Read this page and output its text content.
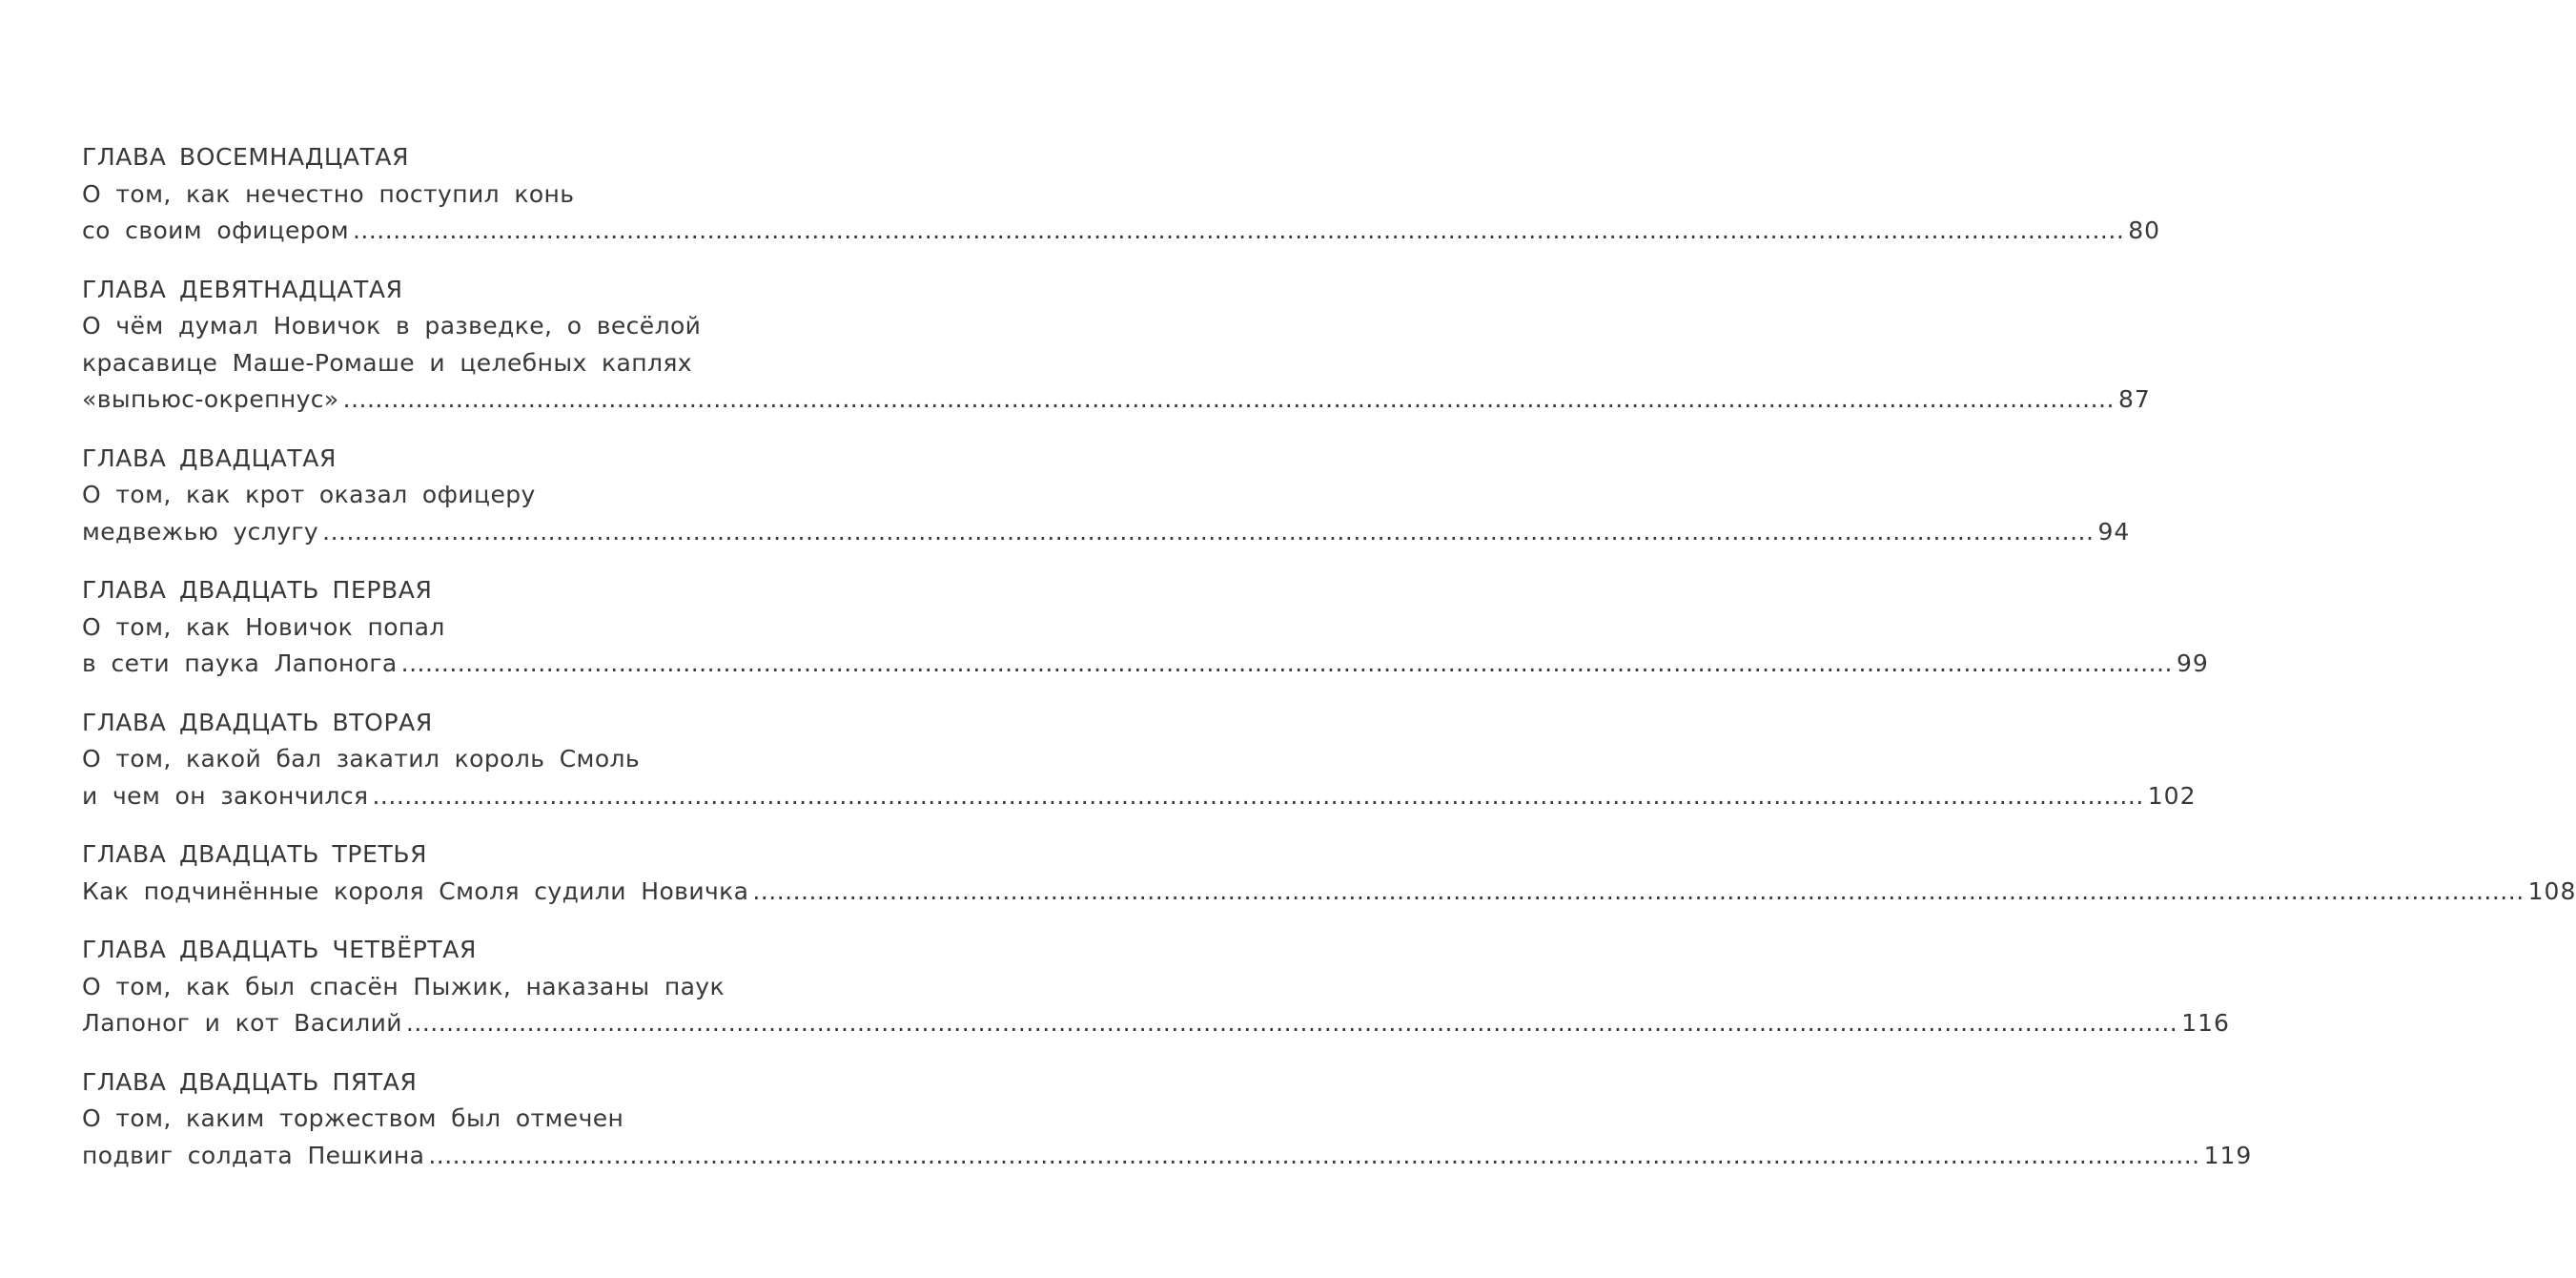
ГЛАВА ВОСЕМНАДЦАТАЯ
О том, как нечестно поступил конь
со своим офицером ............................................................................................................................................................................................................................ 80
ГЛАВА ДЕВЯТНАДЦАТАЯ
О чём думал Новичок в разведке, о весёлой
красавице Маше-Ромаше и целебных каплях
«выпьюс-окрепнус» ............................................................................................................................................................................................................................ 87
ГЛАВА ДВАДЦАТАЯ
О том, как крот оказал офицеру
медвежью услугу ............................................................................................................................................................................................................................ 94
ГЛАВА ДВАДЦАТЬ ПЕРВАЯ
О том, как Новичок попал
в сети паука Лапонога ............................................................................................................................................................................................................................ 99
ГЛАВА ДВАДЦАТЬ ВТОРАЯ
О том, какой бал закатил король Смоль
и чем он закончился ............................................................................................................................................................................................................................ 102
ГЛАВА ДВАДЦАТЬ ТРЕТЬЯ
Как подчинённые короля Смоля судили Новичка ............................................................................................................................................................................................................................ 108
ГЛАВА ДВАДЦАТЬ ЧЕТВЁРТАЯ
О том, как был спасён Пыжик, наказаны паук
Лапоног и кот Василий ............................................................................................................................................................................................................................ 116
ГЛАВА ДВАДЦАТЬ ПЯТАЯ
О том, каким торжеством был отмечен
подвиг солдата Пешкина ............................................................................................................................................................................................................................ 119
